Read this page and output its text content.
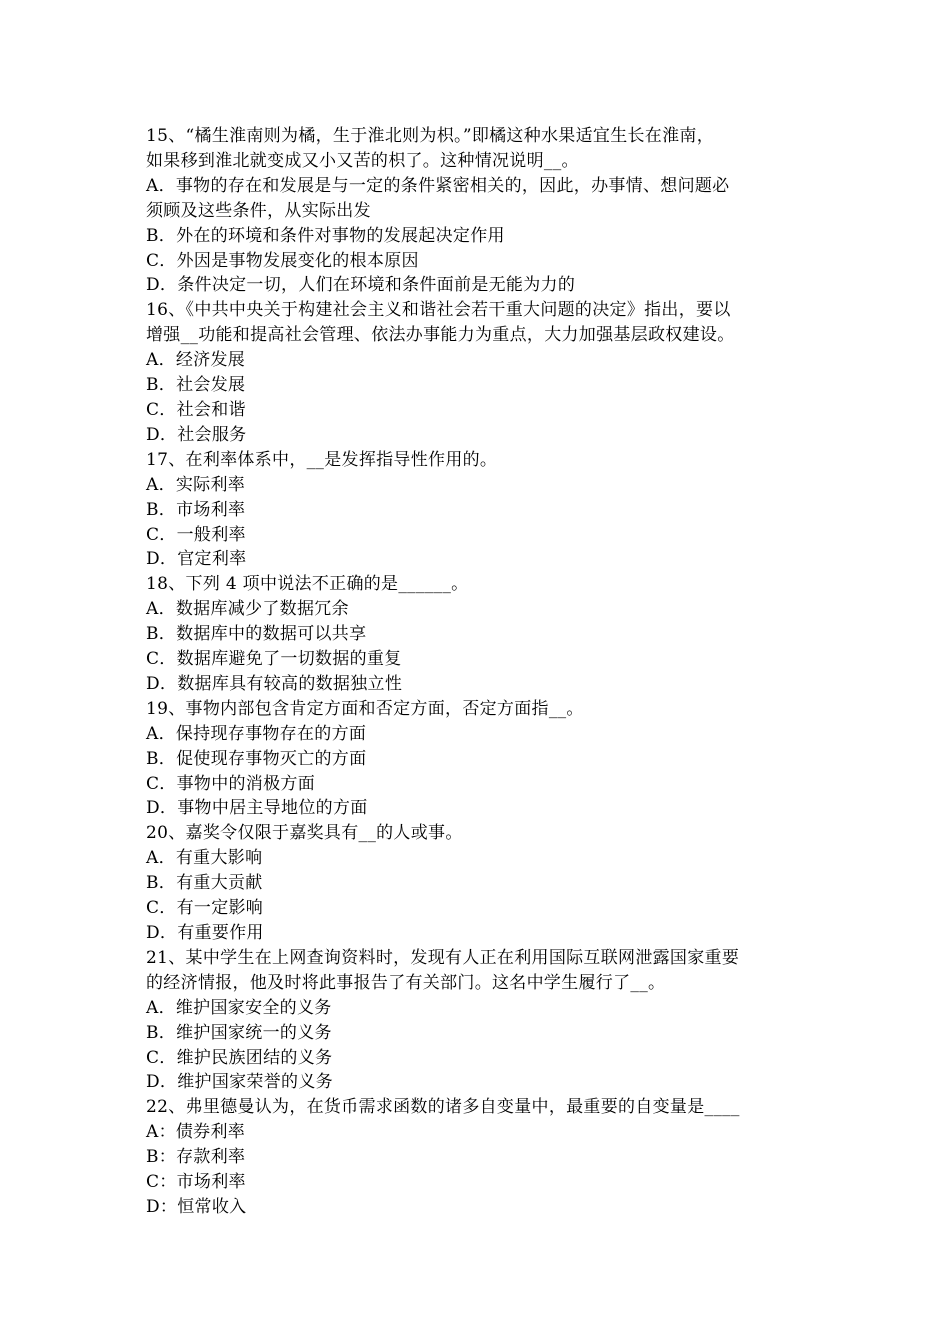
15、“橘生淮南则为橘，生于淮北则为枳。”即橘这种水果适宜生长在淮南，
如果移到淮北就变成又小又苦的枳了。这种情况说明__。
A．事物的存在和发展是与一定的条件紧密相关的，因此，办事情、想问题必
须顾及这些条件，从实际出发
B．外在的环境和条件对事物的发展起决定作用
C．外因是事物发展变化的根本原因
D．条件决定一切，人们在环境和条件面前是无能为力的
16、《中共中央关于构建社会主义和谐社会若干重大问题的决定》指出，要以
增强__功能和提高社会管理、依法办事能力为重点，大力加强基层政权建设。
A．经济发展
B．社会发展
C．社会和谐
D．社会服务
17、在利率体系中，__是发挥指导性作用的。
A．实际利率
B．市场利率
C．一般利率
D．官定利率
18、下列 4 项中说法不正确的是______。
A．数据库减少了数据冗余
B．数据库中的数据可以共享
C．数据库避免了一切数据的重复
D．数据库具有较高的数据独立性
19、事物内部包含肯定方面和否定方面，否定方面指__。
A．保持现存事物存在的方面
B．促使现存事物灭亡的方面
C．事物中的消极方面
D．事物中居主导地位的方面
20、嘉奖令仅限于嘉奖具有__的人或事。
A．有重大影响
B．有重大贡献
C．有一定影响
D．有重要作用
21、某中学生在上网查询资料时，发现有人正在利用国际互联网泄露国家重要
的经济情报，他及时将此事报告了有关部门。这名中学生履行了__。
A．维护国家安全的义务
B．维护国家统一的义务
C．维护民族团结的义务
D．维护国家荣誉的义务
22、弗里德曼认为，在货币需求函数的诸多自变量中，最重要的自变量是____
A：债券利率
B：存款利率
C：市场利率
D：恒常收入
